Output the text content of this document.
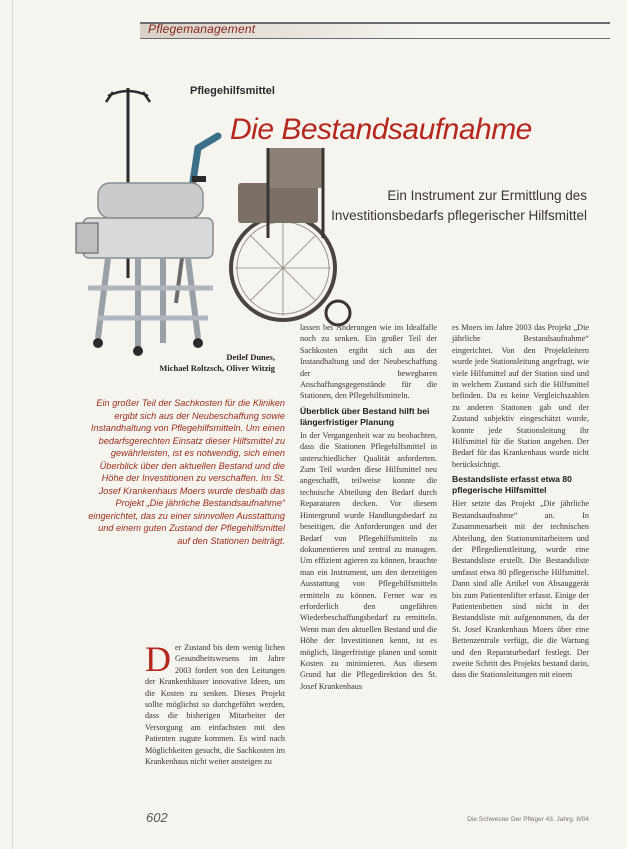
Pflegemanagement
Pflegehilfsmittel
Die Bestandsaufnahme
Ein Instrument zur Ermittlung des Investitionsbedarfs pflegerischer Hilfsmittel
Detlef Dunes,
Michael Roltzsch, Oliver Witzig
Ein großer Teil der Sachkosten für die Kliniken ergibt sich aus der Neubeschaffung sowie Instandhaltung von Pflegehilfsmitteln. Um einen bedarfsgerechten Einsatz dieser Hilfsmittel zu gewährleisten, ist es notwendig, sich einen Überblick über den aktuellen Bestand und die Höhe der Investitionen zu verschaffen. Im St. Josef Krankenhaus Moers wurde deshalb das Projekt „Die jährliche Bestandsaufnahme“ eingerichtet, das zu einer sinnvollen Ausstattung und einem guten Zustand der Pflegehilfsmittel auf den Stationen beiträgt.
D er Zustand bis dem wenig lichen Gesundheitswesens im Jahre 2003 fordert von den Leitungen der Krankenhäuser innovative Ideen, um die Kosten zu senken. Dieses Projekt sollte möglichst so durchgeführt werden, dass die bisherigen Mitarbeiter der Versorgung am einfachsten mit den Patienten zugute kommen. Es wird nach Möglichkeiten gesucht, die Sachkosten im Krankenhaus nicht weiter ansteigen zu

lassen bei Änderungen wie im Idealfalle noch zu senken. Ein großer Teil der Sachkosten ergibt sich aus der Instandhaltung und der Neubeschaffung der bewegbaren Anschaffungsgegenstände für die Stationen, den Pflegehilfsmitteln.

Überblick über Bestand hilft bei längerfristiger Planung

In der Vergangenheit war zu beobachten, dass die Stationen Pflegehilfsmittel in unterschiedlicher Qualität anforderten. Zum Teil wurden diese Hilfsmittel neu angeschafft, teilweise konnte die technische Abteilung den Bedarf durch Reparaturen decken. Vor diesem Hintergrund wurde Handlungsbedarf zu beseitigen, die Anforderungen und der Bedarf von Pflegehilfsmitteln zu dokumentieren und zentral zu managen. Um effizient agieren zu können, brauchte man ein Instrument, um den derzeitigen Ausstattung von Pflegehilfsmitteln ermitteln zu können. Ferner war es erforderlich den ungefähren Wiederbeschaffungsbedarf zu ermitteln. Wenn man den aktuellen Bestand und die Höhe der Investitionen kennt, ist es möglich, längerfristige planen und somit Kosten zu minimieren. Aus diesem Grund hat die Pflegedirektion des St. Josef Krankenhaus

es Moers im Jahre 2003 das Projekt „Die jährliche Bestandsaufnahme“ eingerichtet. Von den Projektleitern wurde jede Stationsleitung angefragt, wie viele Hilfsmittel auf der Station sind und in welchem Zustand sich die Hilfsmittel befinden. Da es keine Vergleichszahlen zu anderen Stationen gab und der Zustand subjektiv eingeschätzt wurde, konnte jede Stationsleitung ihr Hilfsmittel für die Station angeben. Der Bedarf für das Krankenhaus wurde nicht berücksichtigt.

Bestandsliste erfasst etwa 80 pflegerische Hilfsmittel

Hier setzte das Projekt „Die jährliche Bestandsaufnahme“ an. In Zusammenarbeit mit der technischen Abteilung, den Stationsmitarbeitern und der Pflegedienstleitung, wurde eine Bestandsliste erstellt. Die Bestandsliste umfasst etwa 80 pflegerische Hilfsmittel. Dann sind alle Artikel von Absauggerät bis zum Patientenlifter erfasst. Einige der Patientenbetten sind nicht in der Bestandsliste mit aufgenommen, da der St. Josef Krankenhaus Moers über eine Bettenzentrale verfügt, die die Wartung und den Reparaturbedarf festlegt. Der zweite Schritt des Projekts bestand darin, dass die Stationsleitungen mit einem

602	Die Schwester Der Pfleger 43. Jahrg. 8/04
